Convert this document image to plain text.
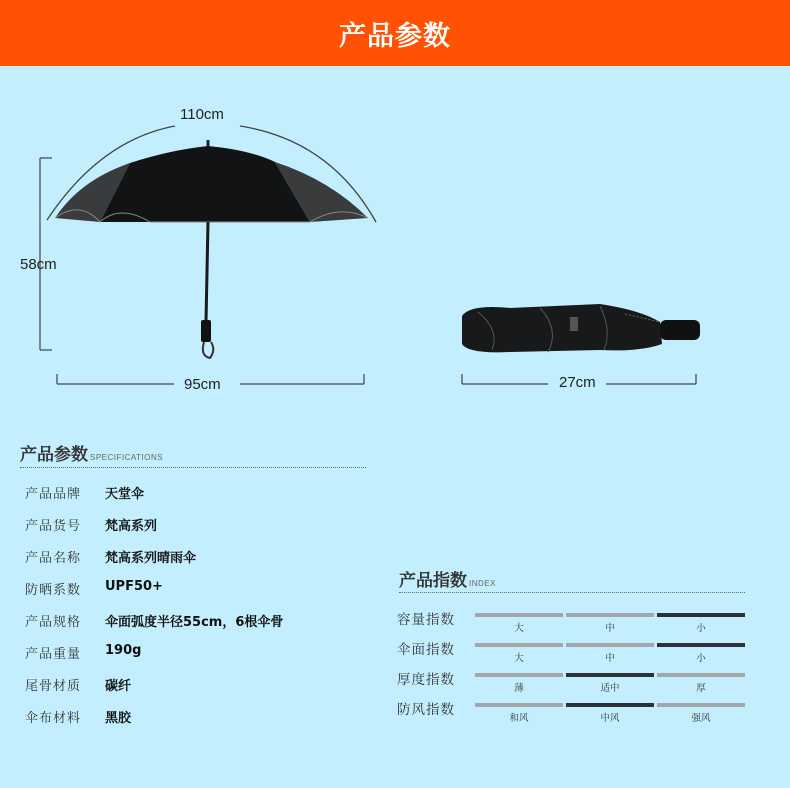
产品参数
110cm
58cm
95cm	27cm
产品参数 SPECIFICATIONS
产品品牌	天堂伞
产品货号	梵高系列
产品名称	梵高系列晴雨伞
防晒系数	UPF50+
产品规格	伞面弧度半径55cm，6根伞骨
产品重量	190g
尾骨材质	碳纤
伞布材料	黑胶
产品指数 INDEX
容量指数
大	中	小
伞面指数
大	中	小
厚度指数
薄	适中	厚
防风指数
和风	中风	强风
